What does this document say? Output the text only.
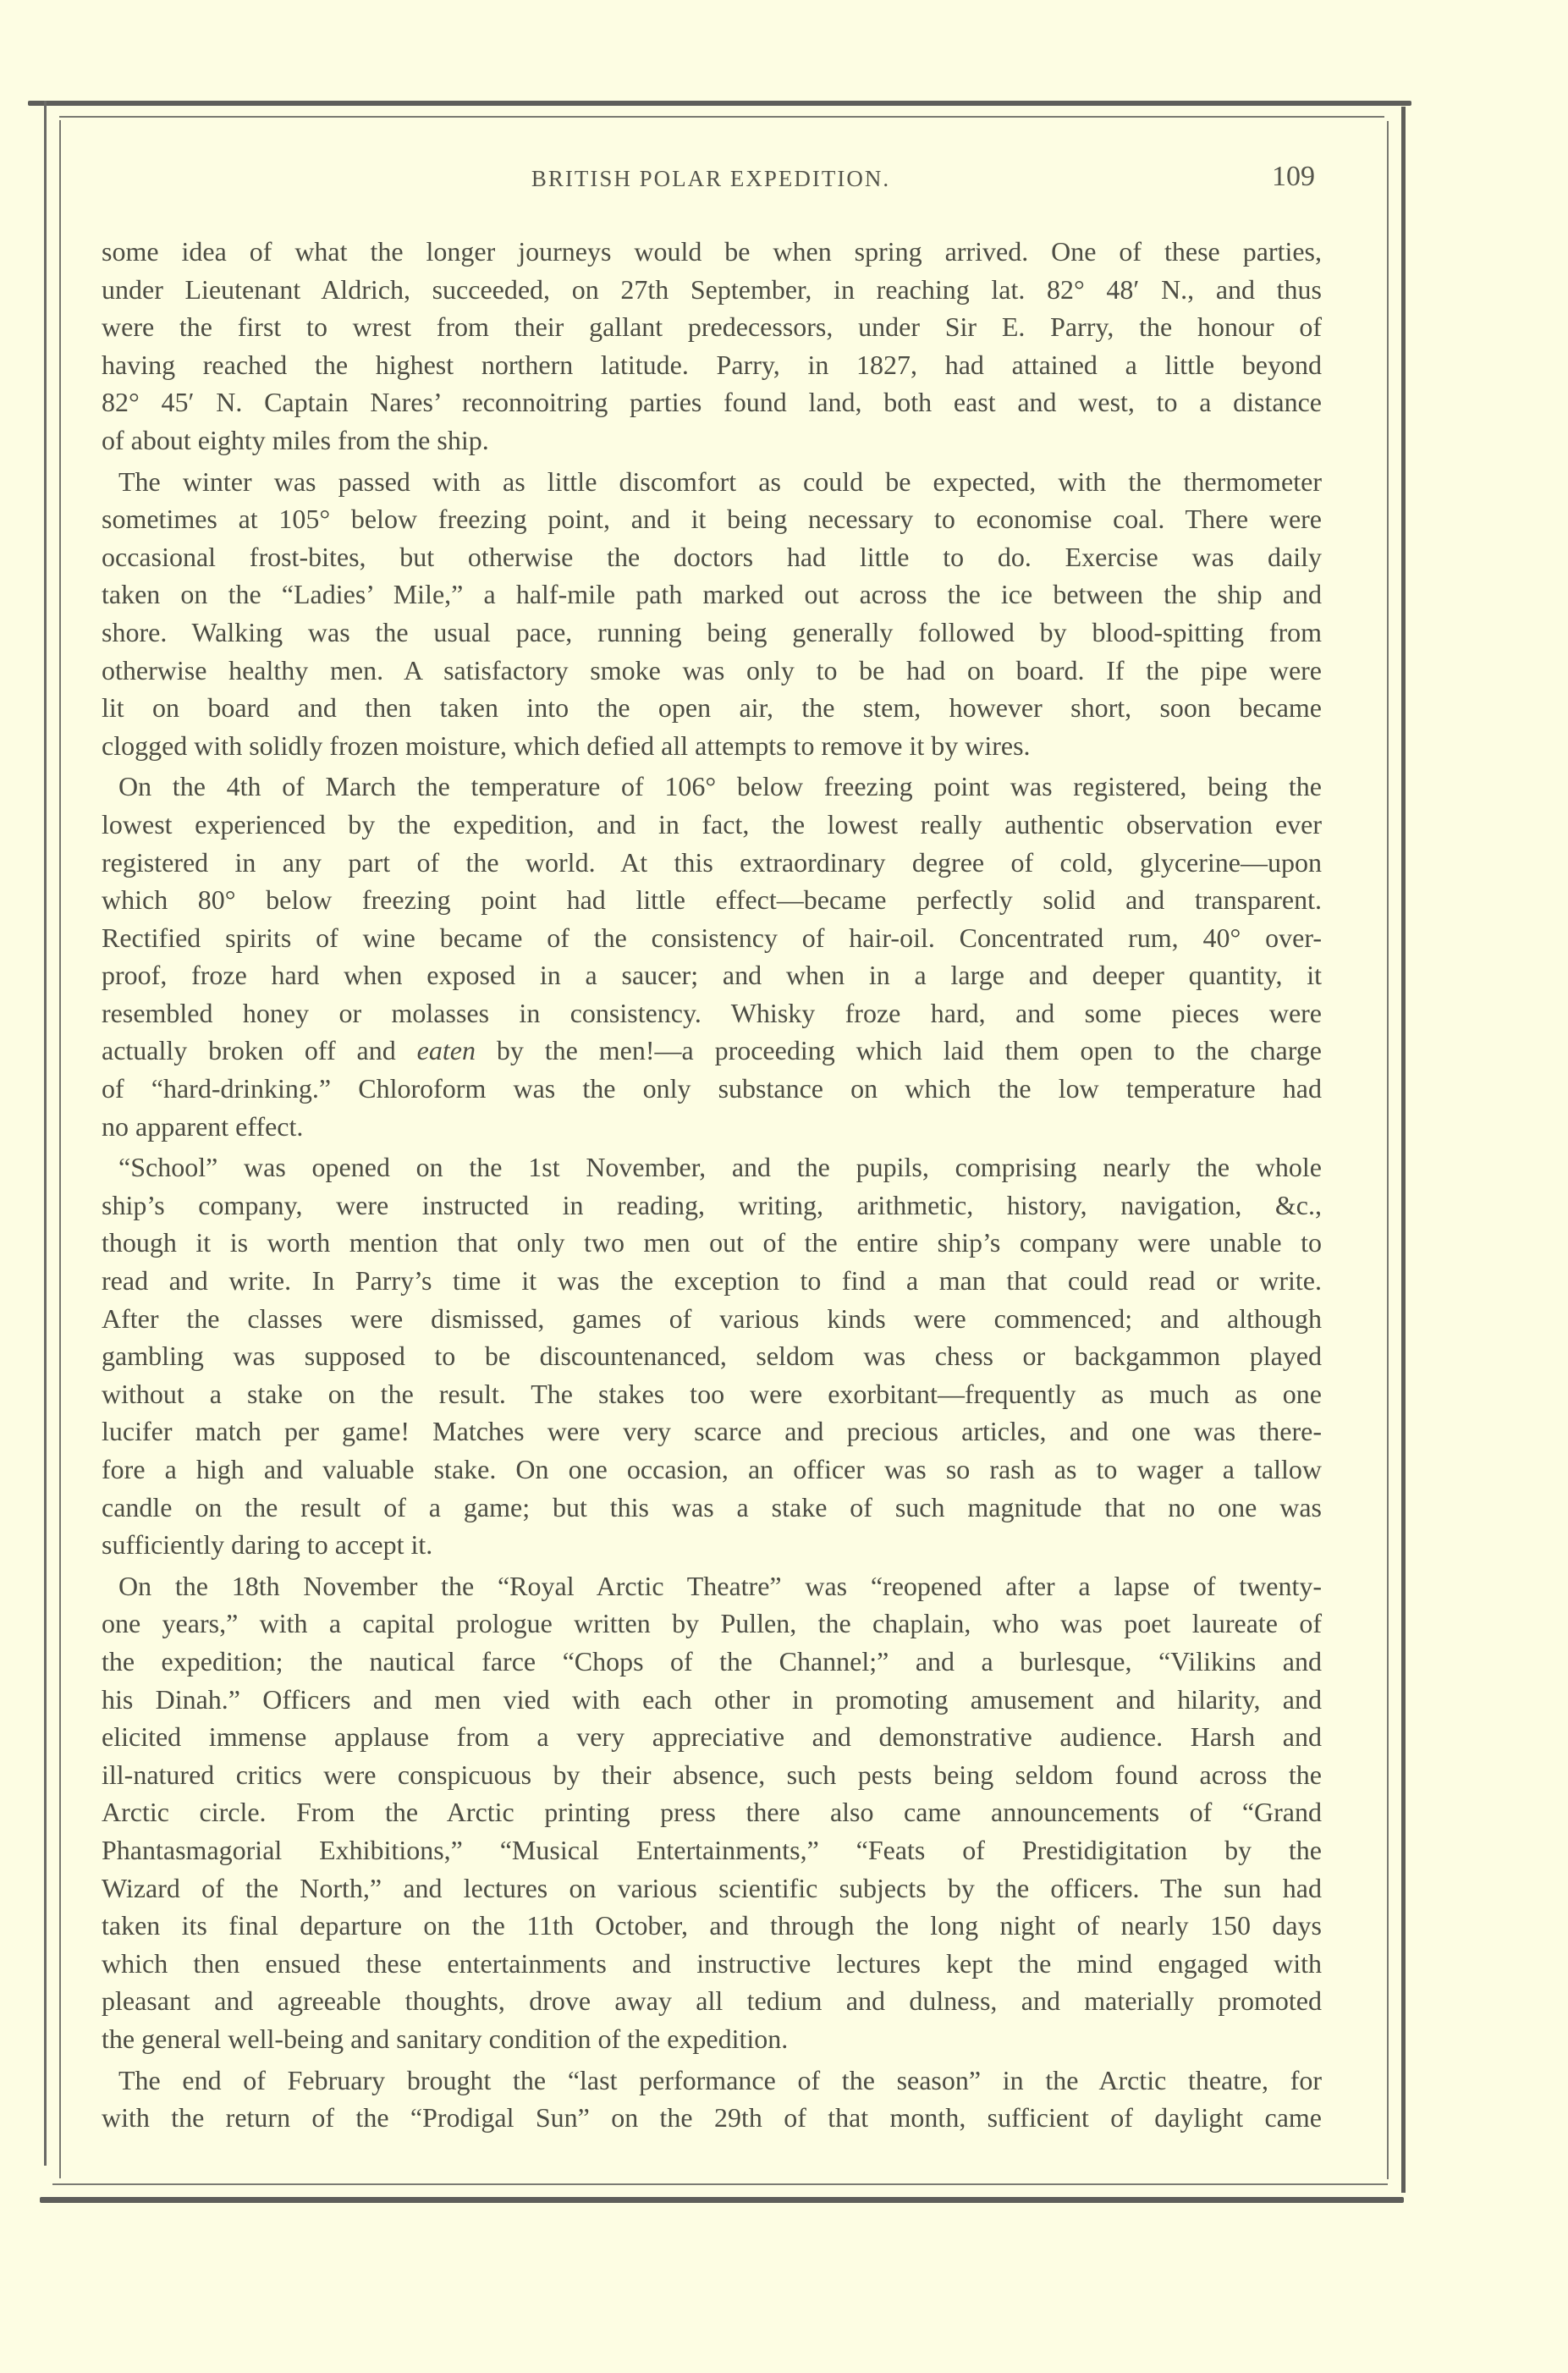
BRITISH POLAR EXPEDITION.	109
some idea of what the longer journeys would be when spring arrived. One of these parties,
under Lieutenant Aldrich, succeeded, on 27th September, in reaching lat. 82° 48′ N., and thus
were the first to wrest from their gallant predecessors, under Sir E. Parry, the honour of
having reached the highest northern latitude. Parry, in 1827, had attained a little beyond
82° 45′ N. Captain Nares’ reconnoitring parties found land, both east and west, to a distance
of about eighty miles from the ship.
The winter was passed with as little discomfort as could be expected, with the thermometer
sometimes at 105° below freezing point, and it being necessary to economise coal. There were
occasional frost-bites, but otherwise the doctors had little to do. Exercise was daily
taken on the “Ladies’ Mile,” a half-mile path marked out across the ice between the ship and
shore. Walking was the usual pace, running being generally followed by blood-spitting from
otherwise healthy men. A satisfactory smoke was only to be had on board. If the pipe were
lit on board and then taken into the open air, the stem, however short, soon became
clogged with solidly frozen moisture, which defied all attempts to remove it by wires.
On the 4th of March the temperature of 106° below freezing point was registered, being the
lowest experienced by the expedition, and in fact, the lowest really authentic observation ever
registered in any part of the world. At this extraordinary degree of cold, glycerine—upon
which 80° below freezing point had little effect—became perfectly solid and transparent.
Rectified spirits of wine became of the consistency of hair-oil. Concentrated rum, 40° over-
proof, froze hard when exposed in a saucer; and when in a large and deeper quantity, it
resembled honey or molasses in consistency. Whisky froze hard, and some pieces were
actually broken off and eaten by the men!—a proceeding which laid them open to the charge
of “hard-drinking.” Chloroform was the only substance on which the low temperature had
no apparent effect.
“School” was opened on the 1st November, and the pupils, comprising nearly the whole
ship’s company, were instructed in reading, writing, arithmetic, history, navigation, &c.,
though it is worth mention that only two men out of the entire ship’s company were unable to
read and write. In Parry’s time it was the exception to find a man that could read or write.
After the classes were dismissed, games of various kinds were commenced; and although
gambling was supposed to be discountenanced, seldom was chess or backgammon played
without a stake on the result. The stakes too were exorbitant—frequently as much as one
lucifer match per game! Matches were very scarce and precious articles, and one was there-
fore a high and valuable stake. On one occasion, an officer was so rash as to wager a tallow
candle on the result of a game; but this was a stake of such magnitude that no one was
sufficiently daring to accept it.
On the 18th November the “Royal Arctic Theatre” was “reopened after a lapse of twenty-
one years,” with a capital prologue written by Pullen, the chaplain, who was poet laureate of
the expedition; the nautical farce “Chops of the Channel;” and a burlesque, “Vilikins and
his Dinah.” Officers and men vied with each other in promoting amusement and hilarity, and
elicited immense applause from a very appreciative and demonstrative audience. Harsh and
ill-natured critics were conspicuous by their absence, such pests being seldom found across the
Arctic circle. From the Arctic printing press there also came announcements of “Grand
Phantasmagorial Exhibitions,” “Musical Entertainments,” “Feats of Prestidigitation by the
Wizard of the North,” and lectures on various scientific subjects by the officers. The sun had
taken its final departure on the 11th October, and through the long night of nearly 150 days
which then ensued these entertainments and instructive lectures kept the mind engaged with
pleasant and agreeable thoughts, drove away all tedium and dulness, and materially promoted
the general well-being and sanitary condition of the expedition.
The end of February brought the “last performance of the season” in the Arctic theatre, for
with the return of the “Prodigal Sun” on the 29th of that month, sufficient of daylight came
